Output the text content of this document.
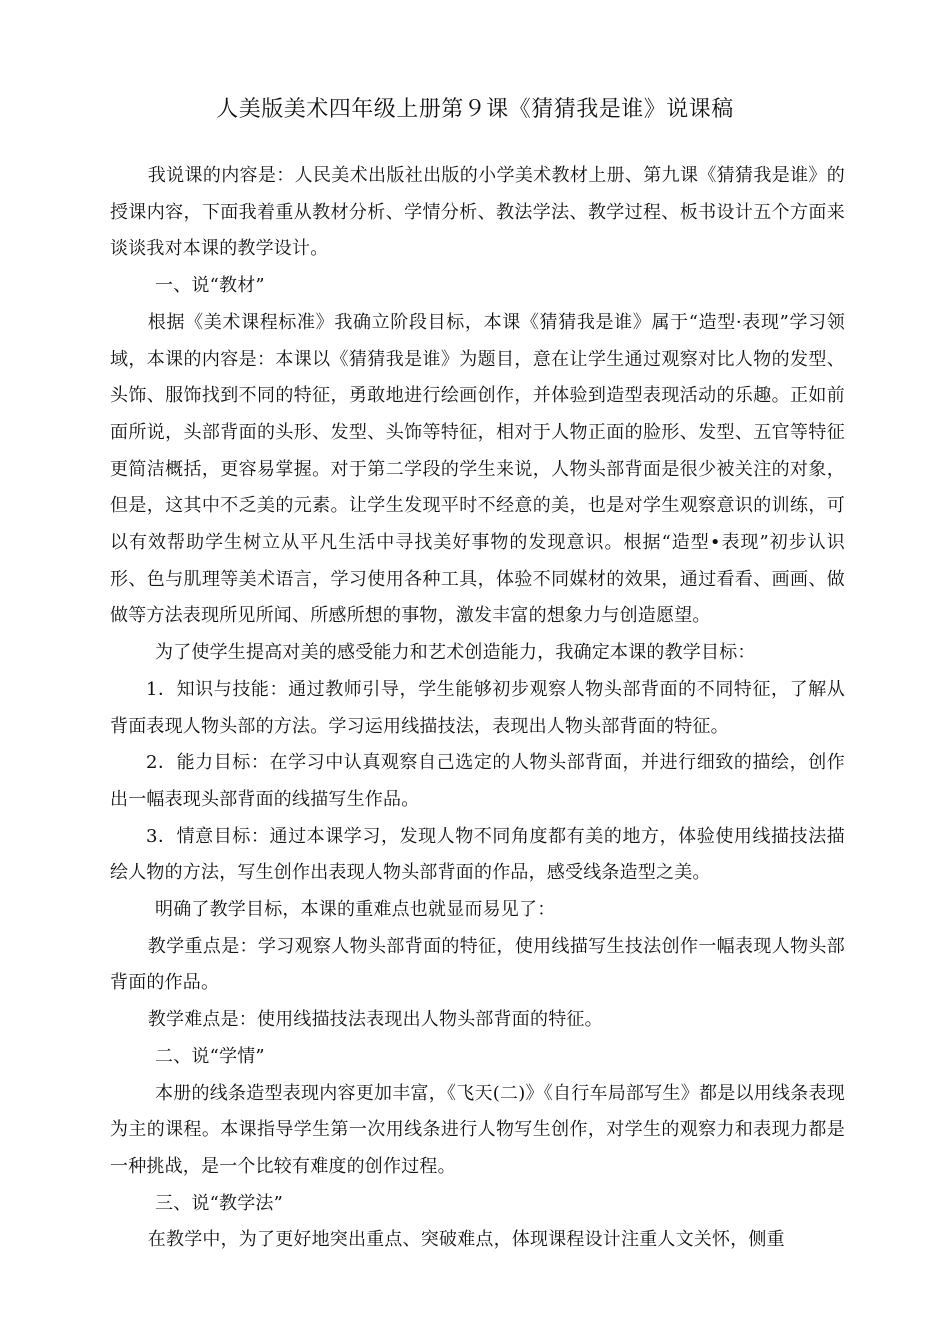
人美版美术四年级上册第９课《猜猜我是谁》说课稿

我说课的内容是：人民美术出版社出版的小学美术教材上册、第九课《猜猜我是谁》的授课内容，下面我着重从教材分析、学情分析、教法学法、教学过程、板书设计五个方面来谈谈我对本课的教学设计。

一、说“教材”

根据《美术课程标准》我确立阶段目标，本课《猜猜我是谁》属于“造型·表现”学习领域，本课的内容是：本课以《猜猜我是谁》为题目，意在让学生通过观察对比人物的发型、头饰、服饰找到不同的特征，勇敢地进行绘画创作，并体验到造型表现活动的乐趣。正如前面所说，头部背面的头形、发型、头饰等特征，相对于人物正面的脸形、发型、五官等特征更简洁概括，更容易掌握。对于第二学段的学生来说，人物头部背面是很少被关注的对象，但是，这其中不乏美的元素。让学生发现平时不经意的美，也是对学生观察意识的训练，可以有效帮助学生树立从平凡生活中寻找美好事物的发现意识。根据“造型•表现”初步认识形、色与肌理等美术语言，学习使用各种工具，体验不同媒材的效果，通过看看、画画、做做等方法表现所见所闻、所感所想的事物，激发丰富的想象力与创造愿望。

为了使学生提高对美的感受能力和艺术创造能力，我确定本课的教学目标：

1．知识与技能：通过教师引导，学生能够初步观察人物头部背面的不同特征，了解从背面表现人物头部的方法。学习运用线描技法，表现出人物头部背面的特征。

2．能力目标：在学习中认真观察自己选定的人物头部背面，并进行细致的描绘，创作出一幅表现头部背面的线描写生作品。

3．情意目标：通过本课学习，发现人物不同角度都有美的地方，体验使用线描技法描绘人物的方法，写生创作出表现人物头部背面的作品，感受线条造型之美。

明确了教学目标，本课的重难点也就显而易见了：

教学重点是：学习观察人物头部背面的特征，使用线描写生技法创作一幅表现人物头部背面的作品。

教学难点是：使用线描技法表现出人物头部背面的特征。

二、说“学情”

本册的线条造型表现内容更加丰富，《飞天(二)》《自行车局部写生》都是以用线条表现为主的课程。本课指导学生第一次用线条进行人物写生创作，对学生的观察力和表现力都是一种挑战，是一个比较有难度的创作过程。

三、说“教学法”

在教学中，为了更好地突出重点、突破难点，体现课程设计注重人文关怀，侧重
